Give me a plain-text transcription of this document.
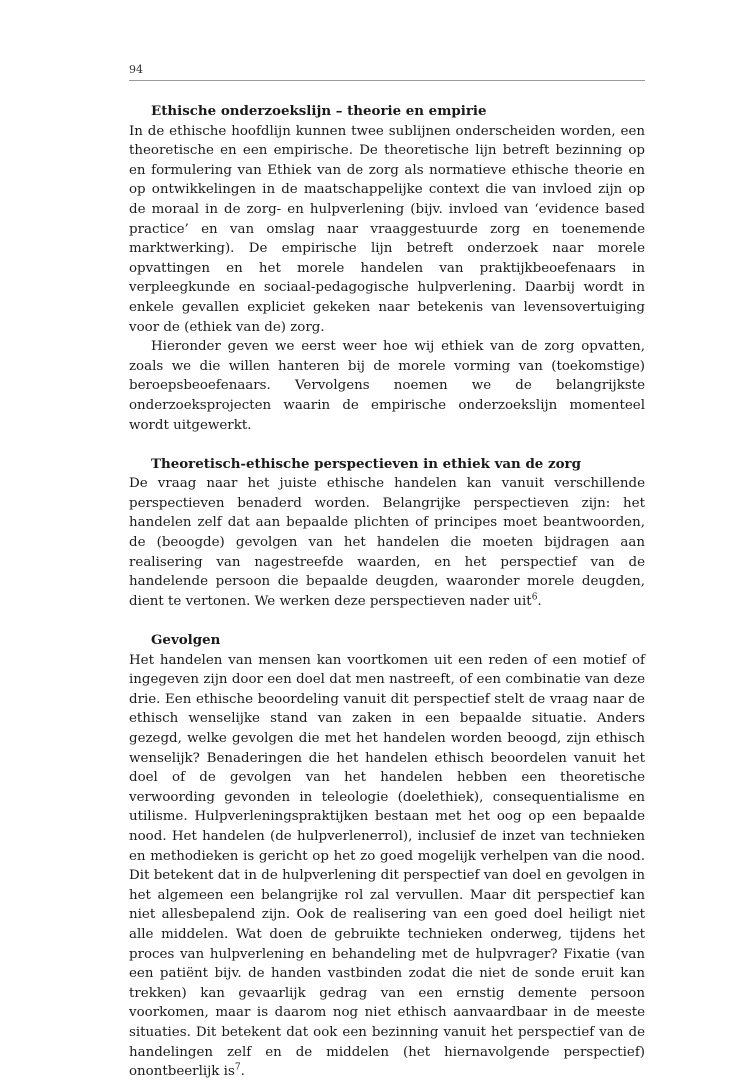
94
Ethische onderzoekslijn – theorie en empirie

In de ethische hoofdlijn kunnen twee sublijnen onderscheiden worden, een theoretische en een empirische. De theoretische lijn betreft bezinning op en formulering van Ethiek van de zorg als normatieve ethische theorie en op ontwikkelingen in de maatschappelijke context die van invloed zijn op de moraal in de zorg- en hulpverlening (bijv. invloed van ‘evidence based practice’ en van omslag naar vraaggestuurde zorg en toenemende marktwerking). De empirische lijn betreft onderzoek naar morele opvattingen en het morele handelen van praktijkbeoefenaars in verpleegkunde en sociaal-pedagogische hulpverlening. Daarbij wordt in enkele gevallen expliciet gekeken naar betekenis van levensovertuiging voor de (ethiek van de) zorg.

Hieronder geven we eerst weer hoe wij ethiek van de zorg opvatten, zoals we die willen hanteren bij de morele vorming van (toekomstige) beroepsbeoefenaars. Vervolgens noemen we de belangrijkste onderzoeksprojecten waarin de empirische onderzoekslijn momenteel wordt uitgewerkt.

Theoretisch-ethische perspectieven in ethiek van de zorg

De vraag naar het juiste ethische handelen kan vanuit verschillende perspectieven benaderd worden. Belangrijke perspectieven zijn: het handelen zelf dat aan bepaalde plichten of principes moet beantwoorden, de (beoogde) gevolgen van het handelen die moeten bijdragen aan realisering van nagestreefde waarden, en het perspectief van de handelende persoon die bepaalde deugden, waaronder morele deugden, dient te vertonen. We werken deze perspectieven nader uit$^6$.

Gevolgen

Het handelen van mensen kan voortkomen uit een reden of een motief of ingegeven zijn door een doel dat men nastreeft, of een combinatie van deze drie. Een ethische beoordeling vanuit dit perspectief stelt de vraag naar de ethisch wenselijke stand van zaken in een bepaalde situatie. Anders gezegd, welke gevolgen die met het handelen worden beoogd, zijn ethisch wenselijk? Benaderingen die het handelen ethisch beoordelen vanuit het doel of de gevolgen van het handelen hebben een theoretische verwoording gevonden in teleologie (doelethiek), consequentialisme en utilisme. Hulpverleningspraktijken bestaan met het oog op een bepaalde nood. Het handelen (de hulpverlenerrol), inclusief de inzet van technieken en methodieken is gericht op het zo goed mogelijk verhelpen van die nood. Dit betekent dat in de hulpverlening dit perspectief van doel en gevolgen in het algemeen een belangrijke rol zal vervullen. Maar dit perspectief kan niet allesbepalend zijn. Ook de realisering van een goed doel heiligt niet alle middelen. Wat doen de gebruikte technieken onderweg, tijdens het proces van hulpverlening en behandeling met de hulpvrager? Fixatie (van een patiënt bijv. de handen vastbinden zodat die niet de sonde eruit kan trekken) kan gevaarlijk gedrag van een ernstig demente persoon voorkomen, maar is daarom nog niet ethisch aanvaardbaar in de meeste situaties. Dit betekent dat ook een bezinning vanuit het perspectief van de handelingen zelf en de middelen (het hiernavolgende perspectief) onontbeerlijk $is^7$.
